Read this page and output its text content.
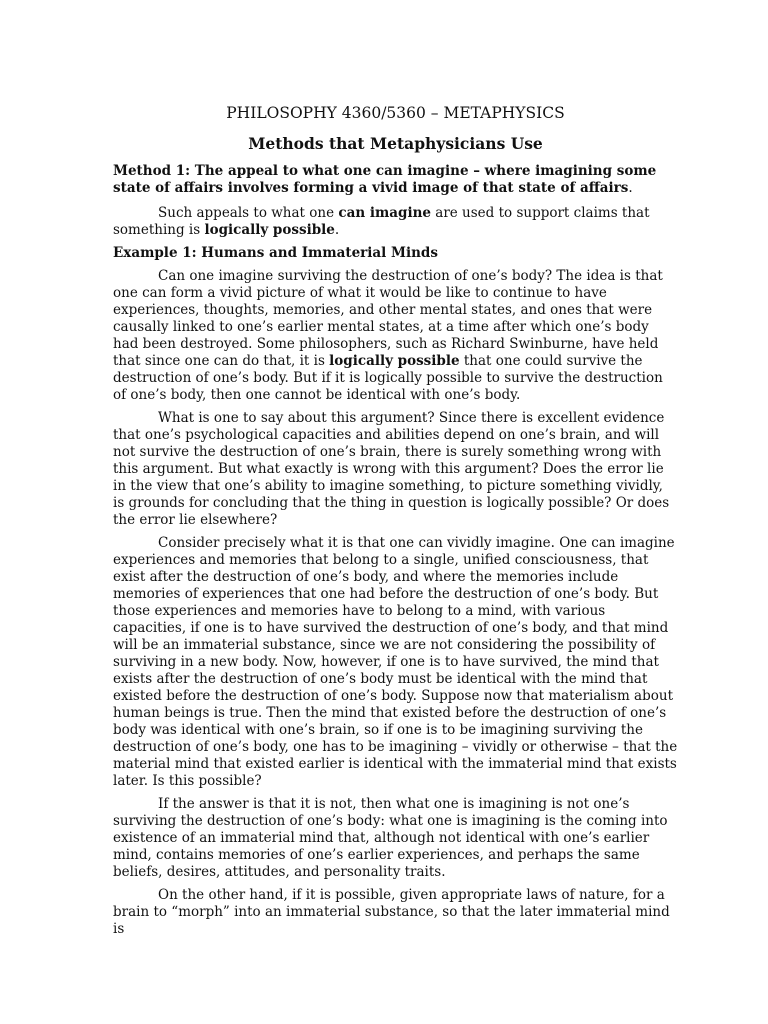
PHILOSOPHY 4360/5360 – METAPHYSICS
Methods that Metaphysicians Use

Method 1: The appeal to what one can imagine – where imagining some state of affairs involves forming a vivid image of that state of affairs.

Such appeals to what one can imagine are used to support claims that something is logically possible.

Example 1: Humans and Immaterial Minds

Can one imagine surviving the destruction of one’s body? The idea is that one can form a vivid picture of what it would be like to continue to have experiences, thoughts, memories, and other mental states, and ones that were causally linked to one’s earlier mental states, at a time after which one’s body had been destroyed. Some philosophers, such as Richard Swinburne, have held that since one can do that, it is logically possible that one could survive the destruction of one’s body. But if it is logically possible to survive the destruction of one’s body, then one cannot be identical with one’s body.

What is one to say about this argument? Since there is excellent evidence that one’s psychological capacities and abilities depend on one’s brain, and will not survive the destruction of one’s brain, there is surely something wrong with this argument. But what exactly is wrong with this argument? Does the error lie in the view that one’s ability to imagine something, to picture something vividly, is grounds for concluding that the thing in question is logically possible? Or does the error lie elsewhere?

Consider precisely what it is that one can vividly imagine. One can imagine experiences and memories that belong to a single, unified consciousness, that exist after the destruction of one’s body, and where the memories include memories of experiences that one had before the destruction of one’s body. But those experiences and memories have to belong to a mind, with various capacities, if one is to have survived the destruction of one’s body, and that mind will be an immaterial substance, since we are not considering the possibility of surviving in a new body. Now, however, if one is to have survived, the mind that exists after the destruction of one’s body must be identical with the mind that existed before the destruction of one’s body. Suppose now that materialism about human beings is true. Then the mind that existed before the destruction of one’s body was identical with one’s brain, so if one is to be imagining surviving the destruction of one’s body, one has to be imagining – vividly or otherwise – that the material mind that existed earlier is identical with the immaterial mind that exists later. Is this possible?

If the answer is that it is not, then what one is imagining is not one’s surviving the destruction of one’s body: what one is imagining is the coming into existence of an immaterial mind that, although not identical with one’s earlier mind, contains memories of one’s earlier experiences, and perhaps the same beliefs, desires, attitudes, and personality traits.

On the other hand, if it is possible, given appropriate laws of nature, for a brain to “morph” into an immaterial substance, so that the later immaterial mind is
